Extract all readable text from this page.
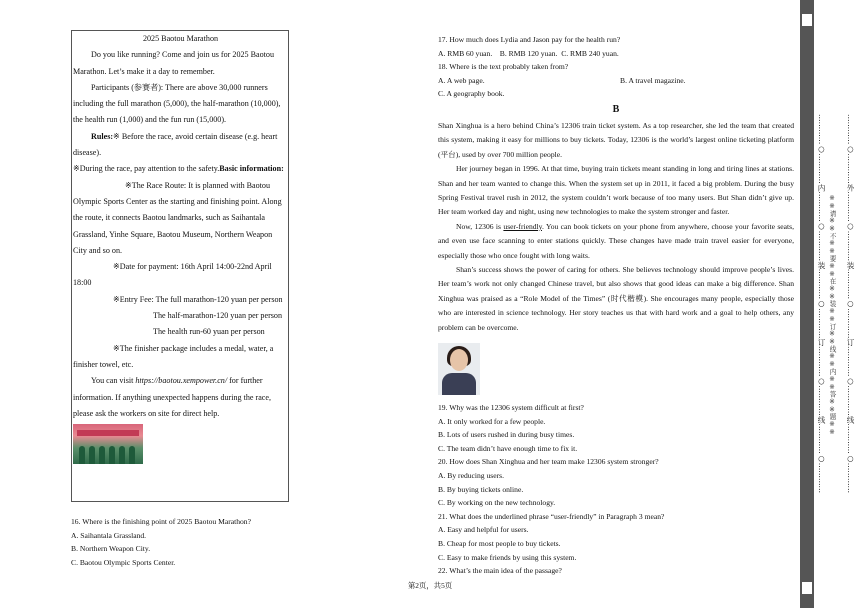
2025 Baotou Marathon

Do you like running? Come and join us for 2025 Baotou Marathon. Let’s make it a day to remember.

Participants (参赛者): There are above 30,000 runners including the full marathon (5,000), the half-marathon (10,000), the health run (1,000) and the fun run (15,000).

Rules:※ Before the race, avoid certain disease (e.g. heart disease).

※During the race, pay attention to the safety.Basic information:

※The Race Route: It is planned with Baotou Olympic Sports Center as the starting and finishing point. Along the route, it connects Baotou landmarks, such as Saihantala Grassland, Yinhe Square, Baotou Museum, Northern Weapon City and so on.

※Date for payment: 16th April 14:00-22nd April 18:00

※Entry Fee: The full marathon-120 yuan per person

The half-marathon-120 yuan per person

The health run-60 yuan per person

※The finisher package includes a medal, water, a finisher towel, etc.

You can visit https://baotou.xempower.cn/ for further information. If anything unexpected happens during the race, please ask the workers on site for direct help.

16. Where is the finishing point of 2025 Baotou Marathon?

A. Saihantala Grassland.

B. Northern Weapon City.

C. Baotou Olympic Sports Center.

17. How much does Lydia and Jason pay for the health run?

A. RMB 60 yuan.    B. RMB 120 yuan.  C. RMB 240 yuan.

18. Where is the text probably taken from?

A. A web page.	B. A travel magazine.

C. A geography book.

B

Shan Xinghua is a hero behind China’s 12306 train ticket system. As a top researcher, she led the team that created this system, making it easy for millions to buy tickets. Today, 12306 is the world’s largest online ticketing platform (平台), used by over 700 million people.

Her journey began in 1996. At that time, buying train tickets meant standing in long and tiring lines at stations. Shan and her team wanted to change this. When the system set up in 2011, it faced a big problem. During the busy Spring Festival travel rush in 2012, the system couldn’t work because of too many users. But Shan didn’t give up. Her team worked day and night, using new technologies to make the system stronger and faster.

Now, 12306 is user-friendly. You can book tickets on your phone from anywhere, choose your favorite seats, and even use face scanning to enter stations quickly. These changes have made train travel easier for everyone, especially those who once fought with long waits.

Shan’s success shows the power of caring for others. She believes technology should improve people’s lives. Her team’s work not only changed Chinese travel, but also shows that good ideas can make a big difference. Shan Xinghua was praised as a “Role Model of the Times” (时代楷模). She encourages many people, especially those who are interested in science technology. Her story teaches us that with hard work and a goal to help others, any problem can be overcome.

19. Why was the 12306 system difficult at first?

A. It only worked for a few people.

B. Lots of users rushed in during busy times.

C. The team didn’t have enough time to fix it.

20. How does Shan Xinghua and her team make 12306 system stronger?

A. By reducing users.

B. By buying tickets online.

C. By working on the new technology.

21. What does the underlined phrase “user-friendly” in Paragraph 3 mean?

A. Easy and helpful for users.

B. Cheap for most people to buy tickets.

C. Easy to make friends by using this system.

22. What’s the main idea of the passage?

第2页，共5页
…………○…………内…………○…………装…………○…………订…………○…………线…………○………… ※※请※※不※※要※※在※※装※※订※※线※※内※※答※※题※※	…………○…………外…………○…………装…………○…………订…………○…………线…………○…………
